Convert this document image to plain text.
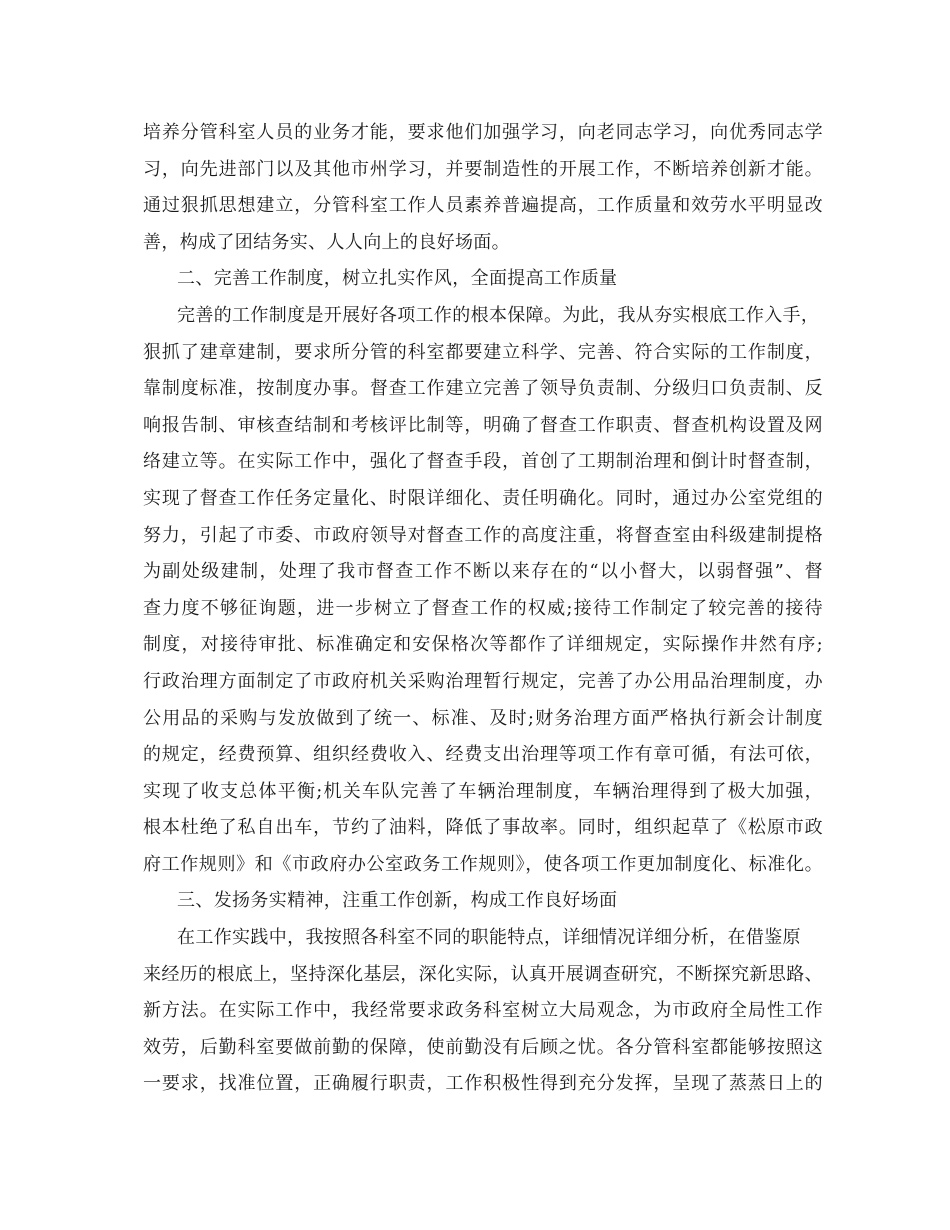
培养分管科室人员的业务才能，要求他们加强学习，向老同志学习，向优秀同志学
习，向先进部门以及其他市州学习，并要制造性的开展工作，不断培养创新才能。
通过狠抓思想建立，分管科室工作人员素养普遍提高，工作质量和效劳水平明显改
善，构成了团结务实、人人向上的良好场面。
二、完善工作制度，树立扎实作风，全面提高工作质量
完善的工作制度是开展好各项工作的根本保障。为此，我从夯实根底工作入手，
狠抓了建章建制，要求所分管的科室都要建立科学、完善、符合实际的工作制度，
靠制度标准，按制度办事。督查工作建立完善了领导负责制、分级归口负责制、反
响报告制、审核查结制和考核评比制等，明确了督查工作职责、督查机构设置及网
络建立等。在实际工作中，强化了督查手段，首创了工期制治理和倒计时督查制，
实现了督查工作任务定量化、时限详细化、责任明确化。同时，通过办公室党组的
努力，引起了市委、市政府领导对督查工作的高度注重，将督查室由科级建制提格
为副处级建制，处理了我市督查工作不断以来存在的“以小督大，以弱督强”、督
查力度不够征询题，进一步树立了督查工作的权威;接待工作制定了较完善的接待
制度，对接待审批、标准确定和安保格次等都作了详细规定，实际操作井然有序;
行政治理方面制定了市政府机关采购治理暂行规定，完善了办公用品治理制度，办
公用品的采购与发放做到了统一、标准、及时;财务治理方面严格执行新会计制度
的规定，经费预算、组织经费收入、经费支出治理等项工作有章可循，有法可依，
实现了收支总体平衡;机关车队完善了车辆治理制度，车辆治理得到了极大加强，
根本杜绝了私自出车，节约了油料，降低了事故率。同时，组织起草了《松原市政
府工作规则》和《市政府办公室政务工作规则》，使各项工作更加制度化、标准化。
三、发扬务实精神，注重工作创新，构成工作良好场面
在工作实践中，我按照各科室不同的职能特点，详细情况详细分析，在借鉴原
来经历的根底上，坚持深化基层，深化实际，认真开展调查研究，不断探究新思路、
新方法。在实际工作中，我经常要求政务科室树立大局观念，为市政府全局性工作
效劳，后勤科室要做前勤的保障，使前勤没有后顾之忧。各分管科室都能够按照这
一要求，找准位置，正确履行职责，工作积极性得到充分发挥，呈现了蒸蒸日上的
